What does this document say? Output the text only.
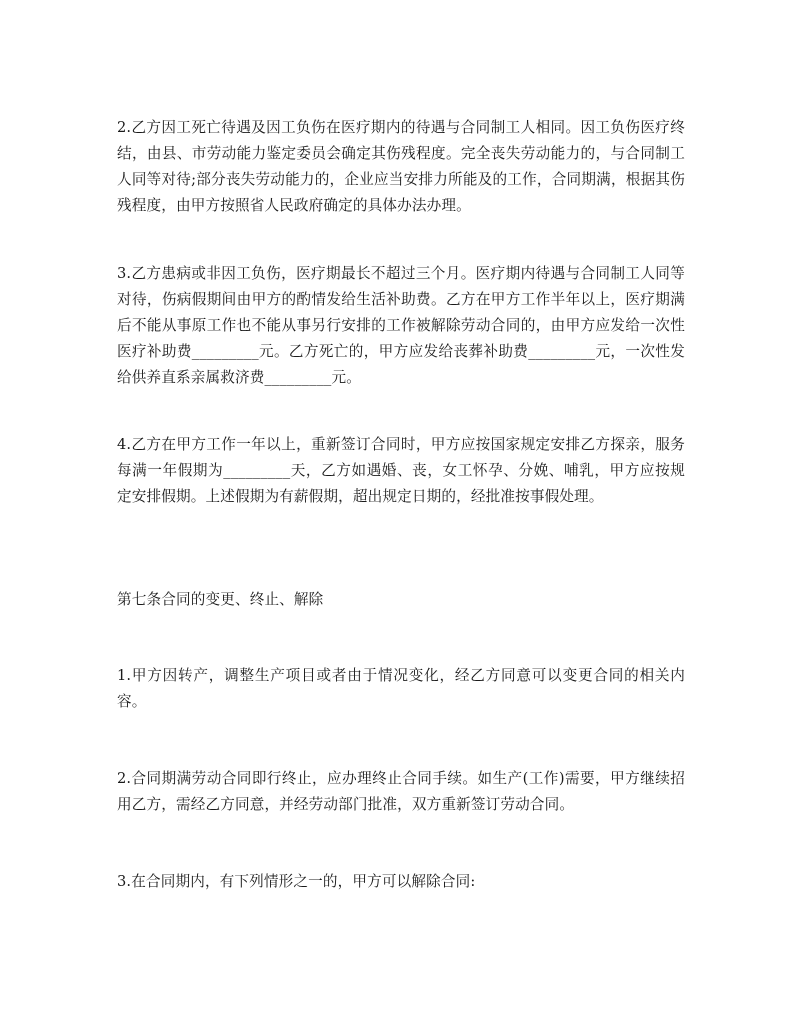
2.乙方因工死亡待遇及因工负伤在医疗期内的待遇与合同制工人相同。因工负伤医疗终结，由县、市劳动能力鉴定委员会确定其伤残程度。完全丧失劳动能力的，与合同制工人同等对待;部分丧失劳动能力的，企业应当安排力所能及的工作，合同期满，根据其伤残程度，由甲方按照省人民政府确定的具体办法办理。

3.乙方患病或非因工负伤，医疗期最长不超过三个月。医疗期内待遇与合同制工人同等对待，伤病假期间由甲方的酌情发给生活补助费。乙方在甲方工作半年以上，医疗期满后不能从事原工作也不能从事另行安排的工作被解除劳动合同的，由甲方应发给一次性医疗补助费_________元。乙方死亡的，甲方应发给丧葬补助费_________元，一次性发给供养直系亲属救济费_________元。

4.乙方在甲方工作一年以上，重新签订合同时，甲方应按国家规定安排乙方探亲，服务每满一年假期为_________天，乙方如遇婚、丧，女工怀孕、分娩、哺乳，甲方应按规定安排假期。上述假期为有薪假期，超出规定日期的，经批准按事假处理。

第七条合同的变更、终止、解除

1.甲方因转产，调整生产项目或者由于情况变化，经乙方同意可以变更合同的相关内容。

2.合同期满劳动合同即行终止，应办理终止合同手续。如生产(工作)需要，甲方继续招用乙方，需经乙方同意，并经劳动部门批准，双方重新签订劳动合同。

3.在合同期内，有下列情形之一的，甲方可以解除合同:
